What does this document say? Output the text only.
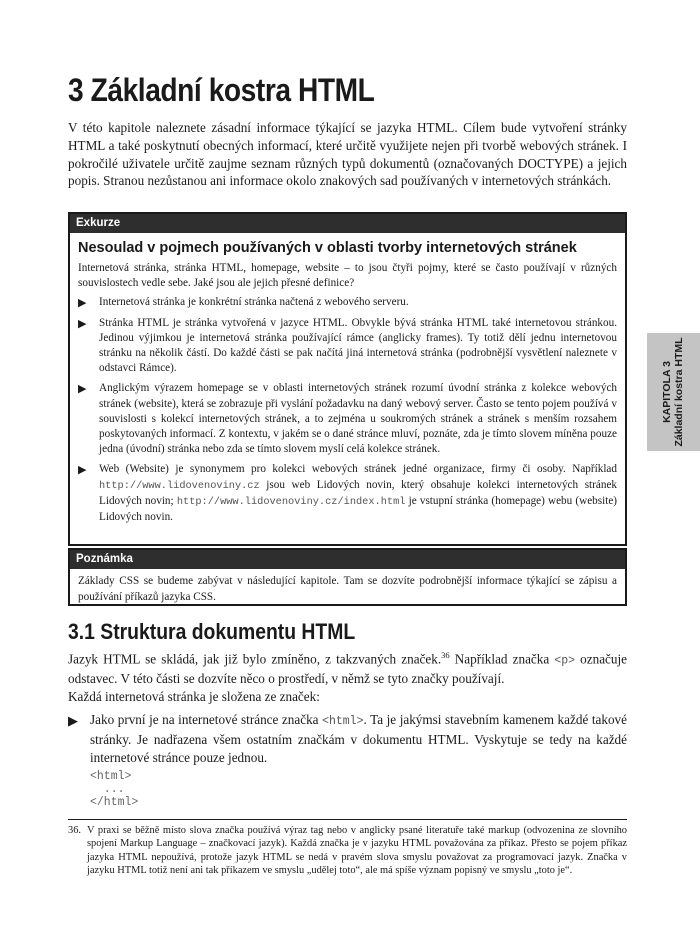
3 Základní kostra HTML

V této kapitole naleznete zásadní informace týkající se jazyka HTML. Cílem bude vytvoření stránky HTML a také poskytnutí obecných informací, které určitě využijete nejen při tvorbě webových stránek. I pokročilé uživatele určitě zaujme seznam různých typů dokumentů (označovaných DOCTYPE) a jejich popis. Stranou nezůstanou ani informace okolo znakových sad používaných v internetových stránkách.

Exkurze
Nesoulad v pojmech používaných v oblasti tvorby internetových stránek

Internetová stránka, stránka HTML, homepage, website – to jsou čtyři pojmy, které se často používají v různých souvislostech vedle sebe. Jaké jsou ale jejich přesné definice?

▶ Internetová stránka je konkrétní stránka načtená z webového serveru.
▶ Stránka HTML je stránka vytvořená v jazyce HTML. Obvykle bývá stránka HTML také internetovou stránkou. Jedinou výjimkou je internetová stránka používající rámce (anglicky frames). Ty totiž dělí jednu internetovou stránku na několik částí. Do každé části se pak načítá jiná internetová stránka (podrobnější vysvětlení naleznete v odstavci Rámce).
▶ Anglickým výrazem homepage se v oblasti internetových stránek rozumí úvodní stránka z kolekce webových stránek (website), která se zobrazuje při vyslání požadavku na daný webový server. Často se tento pojem používá v souvislosti s kolekcí internetových stránek, a to zejména u soukromých stránek a stránek s menším rozsahem poskytovaných informací. Z kontextu, v jakém se o dané stránce mluví, poznáte, zda je tímto slovem míněna pouze jedna (úvodní) stránka nebo zda se tímto slovem myslí celá kolekce stránek.
▶ Web (Website) je synonymem pro kolekci webových stránek jedné organizace, firmy či osoby. Například http://www.lidovenoviny.cz jsou web Lidových novin, který obsahuje kolekci internetových stránek Lidových novin; http://www.lidovenoviny.cz/index.html je vstupní stránka (homepage) webu (website) Lidových novin.
Poznámka
Základy CSS se budeme zabývat v následující kapitole. Tam se dozvíte podrobnější informace týkající se zápisu a používání příkazů jazyka CSS.
3.1 Struktura dokumentu HTML

Jazyk HTML se skládá, jak již bylo zmíněno, z takzvaných značek.$^{36}$ Například značka <p> označuje odstavec. V této části se dozvíte něco o prostředí, v němž se tyto značky používají.

Každá internetová stránka je složena ze značek:

▶ Jako první je na internetové stránce značka <html>. Ta je jakýmsi stavebním kamenem každé takové stránky. Je nadřazena všem ostatním značkám v dokumentu HTML. Vyskytuje se tedy na každé internetové stránce pouze jednou.
<html>
...
</html>
36. V praxi se běžně místo slova značka používá výraz tag nebo v anglicky psané literatuře také markup (odvozenina ze slovního spojení Markup Language – značkovací jazyk). Každá značka je v jazyku HTML považována za příkaz. Přesto se pojem příkaz jazyka HTML nepoužívá, protože jazyk HTML se nedá v pravém slova smyslu považovat za programovací jazyk. Značka v jazyku HTML totiž není ani tak příkazem ve smyslu „udělej toto“, ale má spíše význam popisný ve smyslu „toto je“.
KAPITOLA 3 Základní kostra HTML
